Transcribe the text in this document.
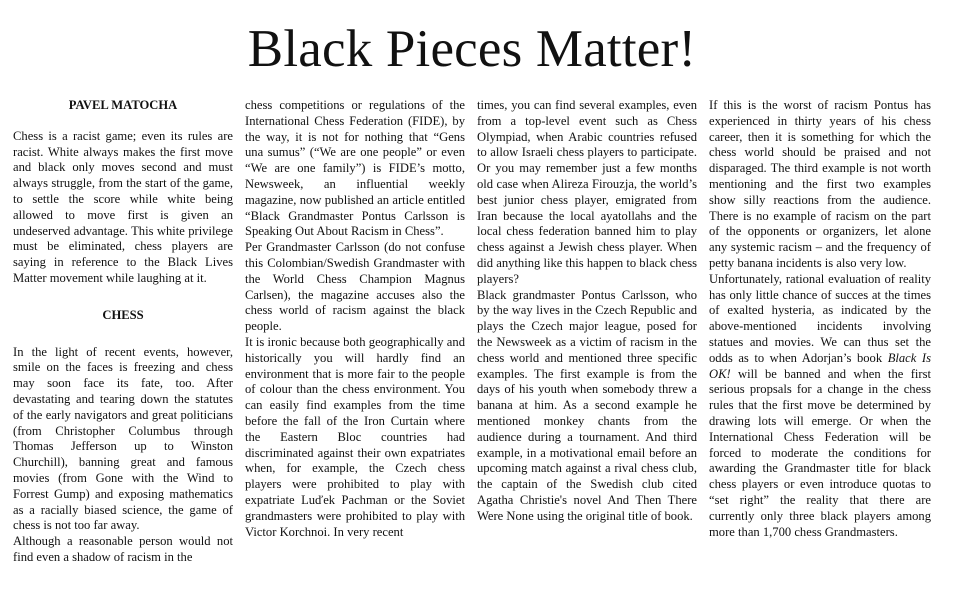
Black Pieces Matter!

PAVEL MATOCHA

Chess is a racist game; even its rules are racist. White always makes the first move and black only moves second and must always struggle, from the start of the game, to settle the score while white being allowed to move first is given an undeserved advantage. This white privilege must be eliminated, chess players are saying in reference to the Black Lives Matter movement while laughing at it.

CHESS

In the light of recent events, however, smile on the faces is freezing and chess may soon face its fate, too. After devastating and tearing down the statutes of the early navigators and great politicians (from Christopher Columbus through Thomas Jefferson up to Winston Churchill), banning great and famous movies (from Gone with the Wind to Forrest Gump) and exposing mathematics as a racially biased science, the game of chess is not too far away.

Although a reasonable person would not find even a shadow of racism in the

chess competitions or regulations of the International Chess Federation (FIDE), by the way, it is not for nothing that “Gens una sumus” (“We are one people” or even “We are one family”) is FIDE’s motto, Newsweek, an influential weekly magazine, now published an article entitled “Black Grandmaster Pontus Carlsson is Speaking Out About Racism in Chess”.

Per Grandmaster Carlsson (do not confuse this Colombian/Swedish Grandmaster with the World Chess Champion Magnus Carlsen), the magazine accuses also the chess world of racism against the black people.

It is ironic because both geographically and historically you will hardly find an environment that is more fair to the people of colour than the chess environment. You can easily find examples from the time before the fall of the Iron Curtain where the Eastern Bloc countries had discriminated against their own expatriates when, for example, the Czech chess players were prohibited to play with expatriate Luďek Pachman or the Soviet grandmasters were prohibited to play with Victor Korchnoi. In very recent

times, you can find several examples, even from a top-level event such as Chess Olympiad, when Arabic countries refused to allow Israeli chess players to participate. Or you may remember just a few months old case when Alireza Firouzja, the world’s best junior chess player, emigrated from Iran because the local ayatollahs and the local chess federation banned him to play chess against a Jewish chess player. When did anything like this happen to black chess players?

Black grandmaster Pontus Carlsson, who by the way lives in the Czech Republic and plays the Czech major league, posed for the Newsweek as a victim of racism in the chess world and mentioned three specific examples. The first example is from the days of his youth when somebody threw a banana at him. As a second example he mentioned monkey chants from the audience during a tournament. And third example, in a motivational email before an upcoming match against a rival chess club, the captain of the Swedish club cited Agatha Christie's novel And Then There Were None using the original title of book.

If this is the worst of racism Pontus has experienced in thirty years of his chess career, then it is something for which the chess world should be praised and not disparaged. The third example is not worth mentioning and the first two examples show silly reactions from the audience. There is no example of racism on the part of the opponents or organizers, let alone any systemic racism – and the frequency of petty banana incidents is also very low.

Unfortunately, rational evaluation of reality has only little chance of succes at the times of exalted hysteria, as indicated by the above-mentioned incidents involving statues and movies. We can thus set the odds as to when Adorjan’s book Black Is OK! will be banned and when the first serious propsals for a change in the chess rules that the first move be determined by drawing lots will emerge. Or when the International Chess Federation will be forced to moderate the conditions for awarding the Grandmaster title for black chess players or even introduce quotas to “set right” the reality that there are currently only three black players among more than 1,700 chess Grandmasters.
